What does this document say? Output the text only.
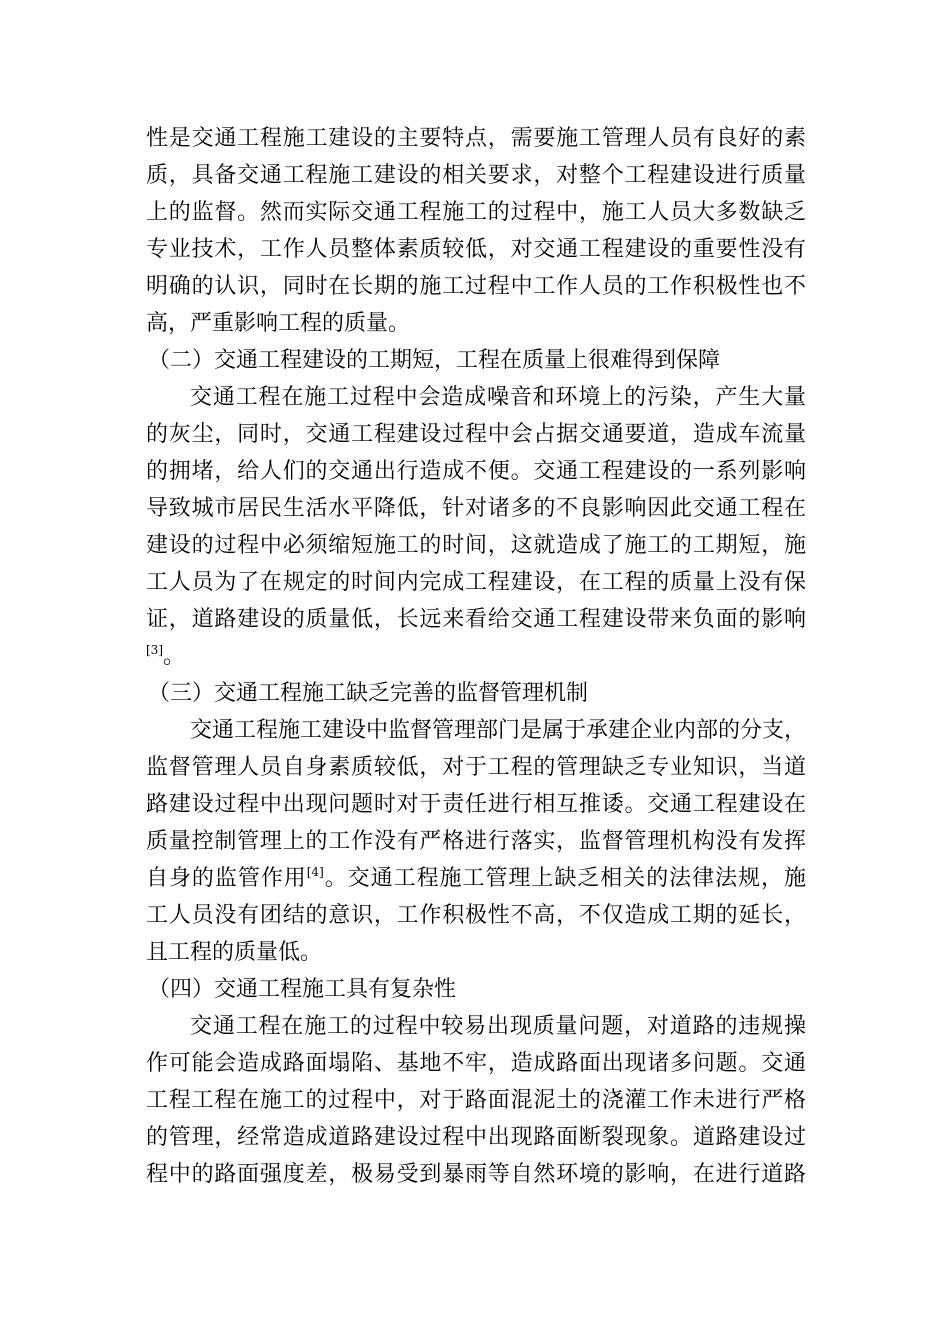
性是交通工程施工建设的主要特点，需要施工管理人员有良好的素
质，具备交通工程施工建设的相关要求，对整个工程建设进行质量
上的监督。然而实际交通工程施工的过程中，施工人员大多数缺乏
专业技术，工作人员整体素质较低，对交通工程建设的重要性没有
明确的认识，同时在长期的施工过程中工作人员的工作积极性也不
高，严重影响工程的质量。
（二）交通工程建设的工期短，工程在质量上很难得到保障
交通工程在施工过程中会造成噪音和环境上的污染，产生大量
的灰尘，同时，交通工程建设过程中会占据交通要道，造成车流量
的拥堵，给人们的交通出行造成不便。交通工程建设的一系列影响
导致城市居民生活水平降低，针对诸多的不良影响因此交通工程在
建设的过程中必须缩短施工的时间，这就造成了施工的工期短，施
工人员为了在规定的时间内完成工程建设，在工程的质量上没有保
证，道路建设的质量低，长远来看给交通工程建设带来负面的影响
[3]。
（三）交通工程施工缺乏完善的监督管理机制
交通工程施工建设中监督管理部门是属于承建企业内部的分支，
监督管理人员自身素质较低，对于工程的管理缺乏专业知识，当道
路建设过程中出现问题时对于责任进行相互推诿。交通工程建设在
质量控制管理上的工作没有严格进行落实，监督管理机构没有发挥
自身的监管作用[4]。交通工程施工管理上缺乏相关的法律法规，施
工人员没有团结的意识，工作积极性不高，不仅造成工期的延长，
且工程的质量低。
（四）交通工程施工具有复杂性
交通工程在施工的过程中较易出现质量问题，对道路的违规操
作可能会造成路面塌陷、基地不牢，造成路面出现诸多问题。交通
工程工程在施工的过程中，对于路面混泥土的浇灌工作未进行严格
的管理，经常造成道路建设过程中出现路面断裂现象。道路建设过
程中的路面强度差，极易受到暴雨等自然环境的影响，在进行道路
